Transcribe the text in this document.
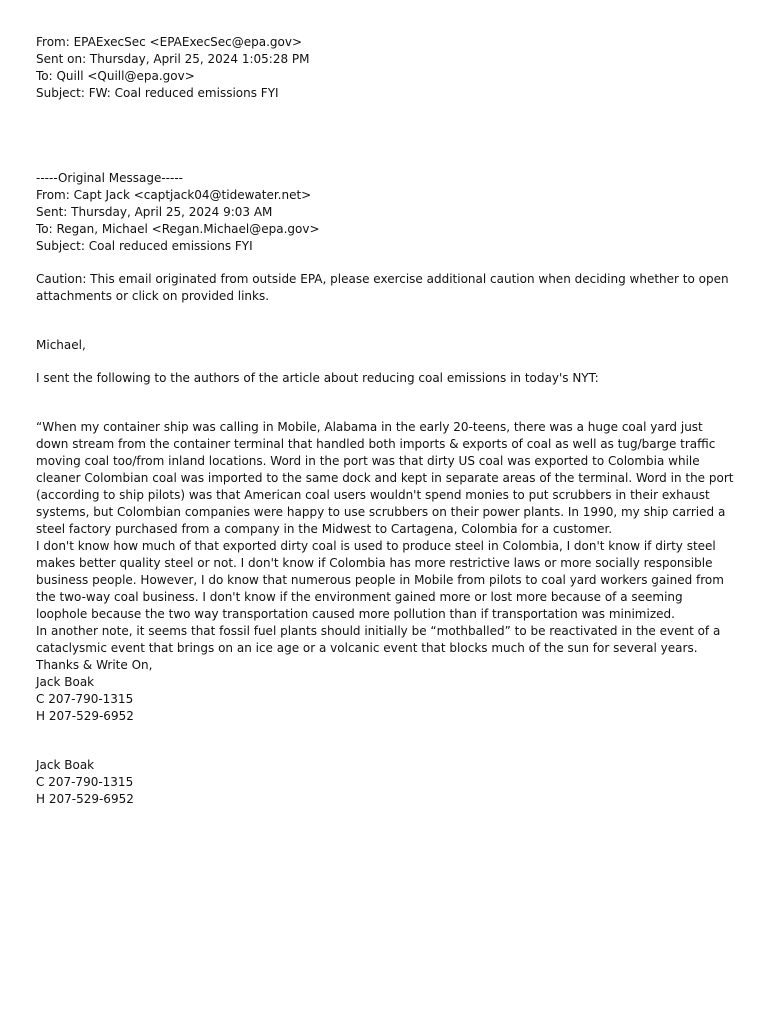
From: EPAExecSec <EPAExecSec@epa.gov>
Sent on: Thursday, April 25, 2024 1:05:28 PM
To: Quill <Quill@epa.gov>
Subject: FW: Coal reduced emissions FYI
-----Original Message-----
From: Capt Jack <captjack04@tidewater.net>
Sent: Thursday, April 25, 2024 9:03 AM
To: Regan, Michael <Regan.Michael@epa.gov>
Subject: Coal reduced emissions FYI

Caution: This email originated from outside EPA, please exercise additional caution when deciding whether to open attachments or click on provided links.

Michael,

I sent the following to the authors of the article about reducing coal emissions in today's NYT:

“When my container ship was calling in Mobile, Alabama in the early 20-teens, there was a huge coal yard just down stream from the container terminal that handled both imports & exports of coal as well as tug/barge traffic moving coal too/from inland locations. Word in the port was that dirty US coal was exported to Colombia while cleaner Colombian coal was imported to the same dock and kept in separate areas of the terminal. Word in the port (according to ship pilots) was that American coal users wouldn't spend monies to put scrubbers in their exhaust systems, but Colombian companies were happy to use scrubbers on their power plants. In 1990, my ship carried a steel factory purchased from a company in the Midwest to Cartagena, Colombia for a customer.

I don't know how much of that exported dirty coal is used to produce steel in Colombia, I don't know if dirty steel makes better quality steel or not. I don't know if Colombia has more restrictive laws or more socially responsible business people. However, I do know that numerous people in Mobile from pilots to coal yard workers gained from the two-way coal business. I don't know if the environment gained more or lost more because of a seeming loophole because the two way transportation caused more pollution than if transportation was minimized.

In another note, it seems that fossil fuel plants should initially be “mothballed” to be reactivated in the event of a cataclysmic event that brings on an ice age or a volcanic event that blocks much of the sun for several years.

Thanks & Write On,
Jack Boak
C 207-790-1315
H 207-529-6952
Jack Boak
C 207-790-1315
H 207-529-6952
